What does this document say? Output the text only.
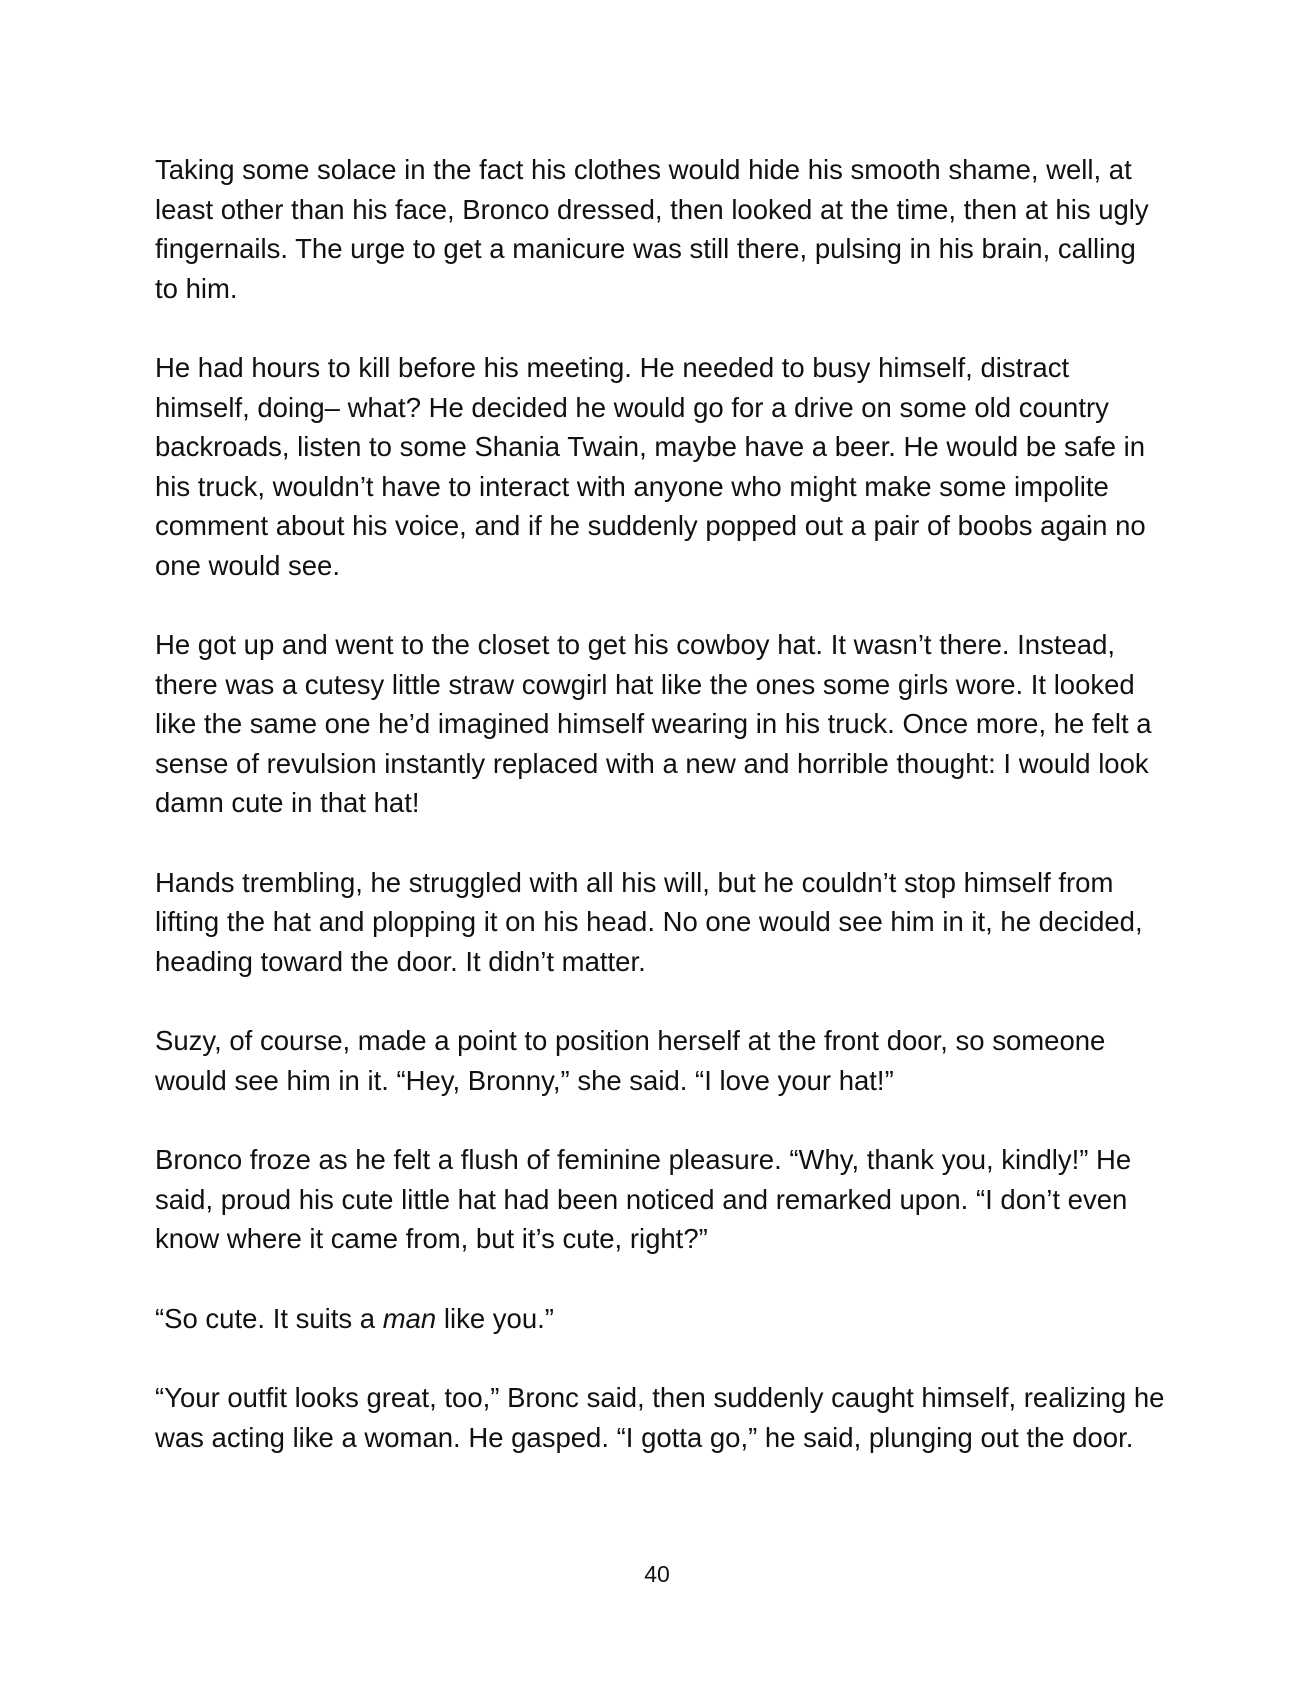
Taking some solace in the fact his clothes would hide his smooth shame, well, at least other than his face, Bronco dressed, then looked at the time, then at his ugly fingernails. The urge to get a manicure was still there, pulsing in his brain, calling to him.

He had hours to kill before his meeting. He needed to busy himself, distract himself, doing– what? He decided he would go for a drive on some old country backroads, listen to some Shania Twain, maybe have a beer. He would be safe in his truck, wouldn’t have to interact with anyone who might make some impolite comment about his voice, and if he suddenly popped out a pair of boobs again no one would see.

He got up and went to the closet to get his cowboy hat. It wasn’t there. Instead, there was a cutesy little straw cowgirl hat like the ones some girls wore. It looked like the same one he’d imagined himself wearing in his truck. Once more, he felt a sense of revulsion instantly replaced with a new and horrible thought: I would look damn cute in that hat!

Hands trembling, he struggled with all his will, but he couldn’t stop himself from lifting the hat and plopping it on his head. No one would see him in it, he decided, heading toward the door. It didn’t matter.

Suzy, of course, made a point to position herself at the front door, so someone would see him in it. “Hey, Bronny,” she said. “I love your hat!”

Bronco froze as he felt a flush of feminine pleasure. “Why, thank you, kindly!” He said, proud his cute little hat had been noticed and remarked upon. “I don’t even know where it came from, but it’s cute, right?”

“So cute. It suits a man like you.”

“Your outfit looks great, too,” Bronc said, then suddenly caught himself, realizing he was acting like a woman. He gasped. “I gotta go,” he said, plunging out the door.

40
